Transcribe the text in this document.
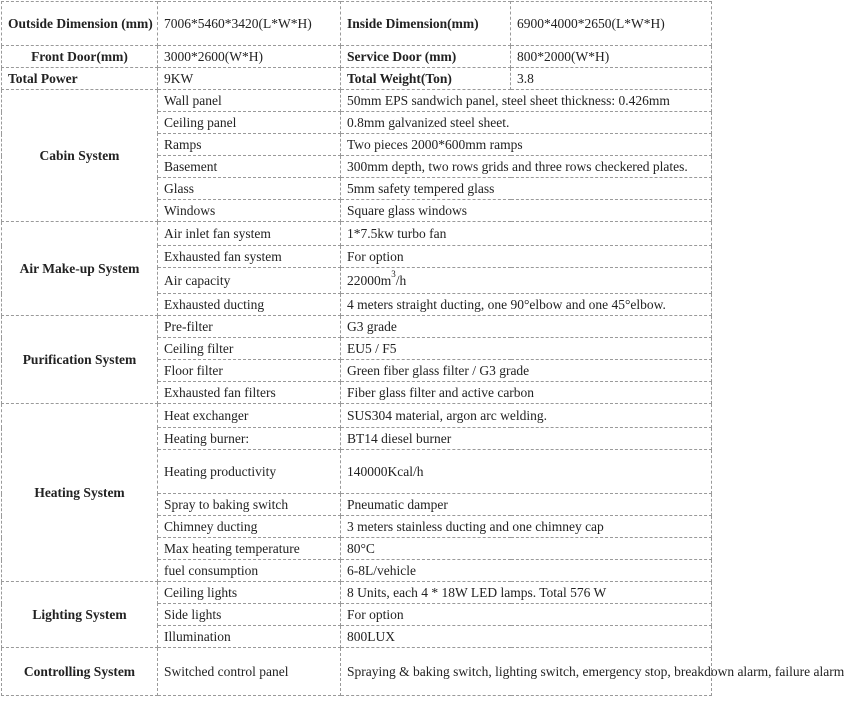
Outside Dimension (mm)	7006*5460*3420(L*W*H)	Inside Dimension(mm)	6900*4000*2650(L*W*H)
Front Door(mm)	3000*2600(W*H)	Service Door (mm)	800*2000(W*H)
Total Power	9KW	Total Weight(Ton)	3.8
Cabin System	Wall panel	50mm EPS sandwich panel, steel sheet thickness: 0.426mm	
	Ceiling panel	0.8mm galvanized steel sheet.	
	Ramps	Two pieces 2000*600mm ramps	
	Basement	300mm depth, two rows grids and three rows checkered plates.	
	Glass	5mm safety tempered glass	
	Windows	Square glass windows	
Air Make-up System	Air inlet fan system	1*7.5kw turbo fan	
	Exhausted fan system	For option	
	Air capacity	$22000m^3/h$	
	Exhausted ducting	4 meters straight ducting, one 90°elbow and one 45°elbow.	
Purification System	Pre-filter	G3 grade	
	Ceiling filter	EU5 / F5	
	Floor filter	Green fiber glass filter / G3 grade	
	Exhausted fan filters	Fiber glass filter and active carbon	
Heating System	Heat exchanger	SUS304 material, argon arc welding.	
	Heating burner:	BT14 diesel burner	
	Heating productivity	140000Kcal/h	
	Spray to baking switch	Pneumatic damper	
	Chimney ducting	3 meters stainless ducting and one chimney cap	
	Max heating temperature	80°C	
	fuel consumption	6-8L/vehicle	
Lighting System	Ceiling lights	8 Units, each 4 * 18W LED lamps. Total 576 W	
	Side lights	For option	
	Illumination	800LUX	
Controlling System	Switched control panel	Spraying & baking switch, lighting switch, emergency stop, breakdown alarm, failure alarm	
